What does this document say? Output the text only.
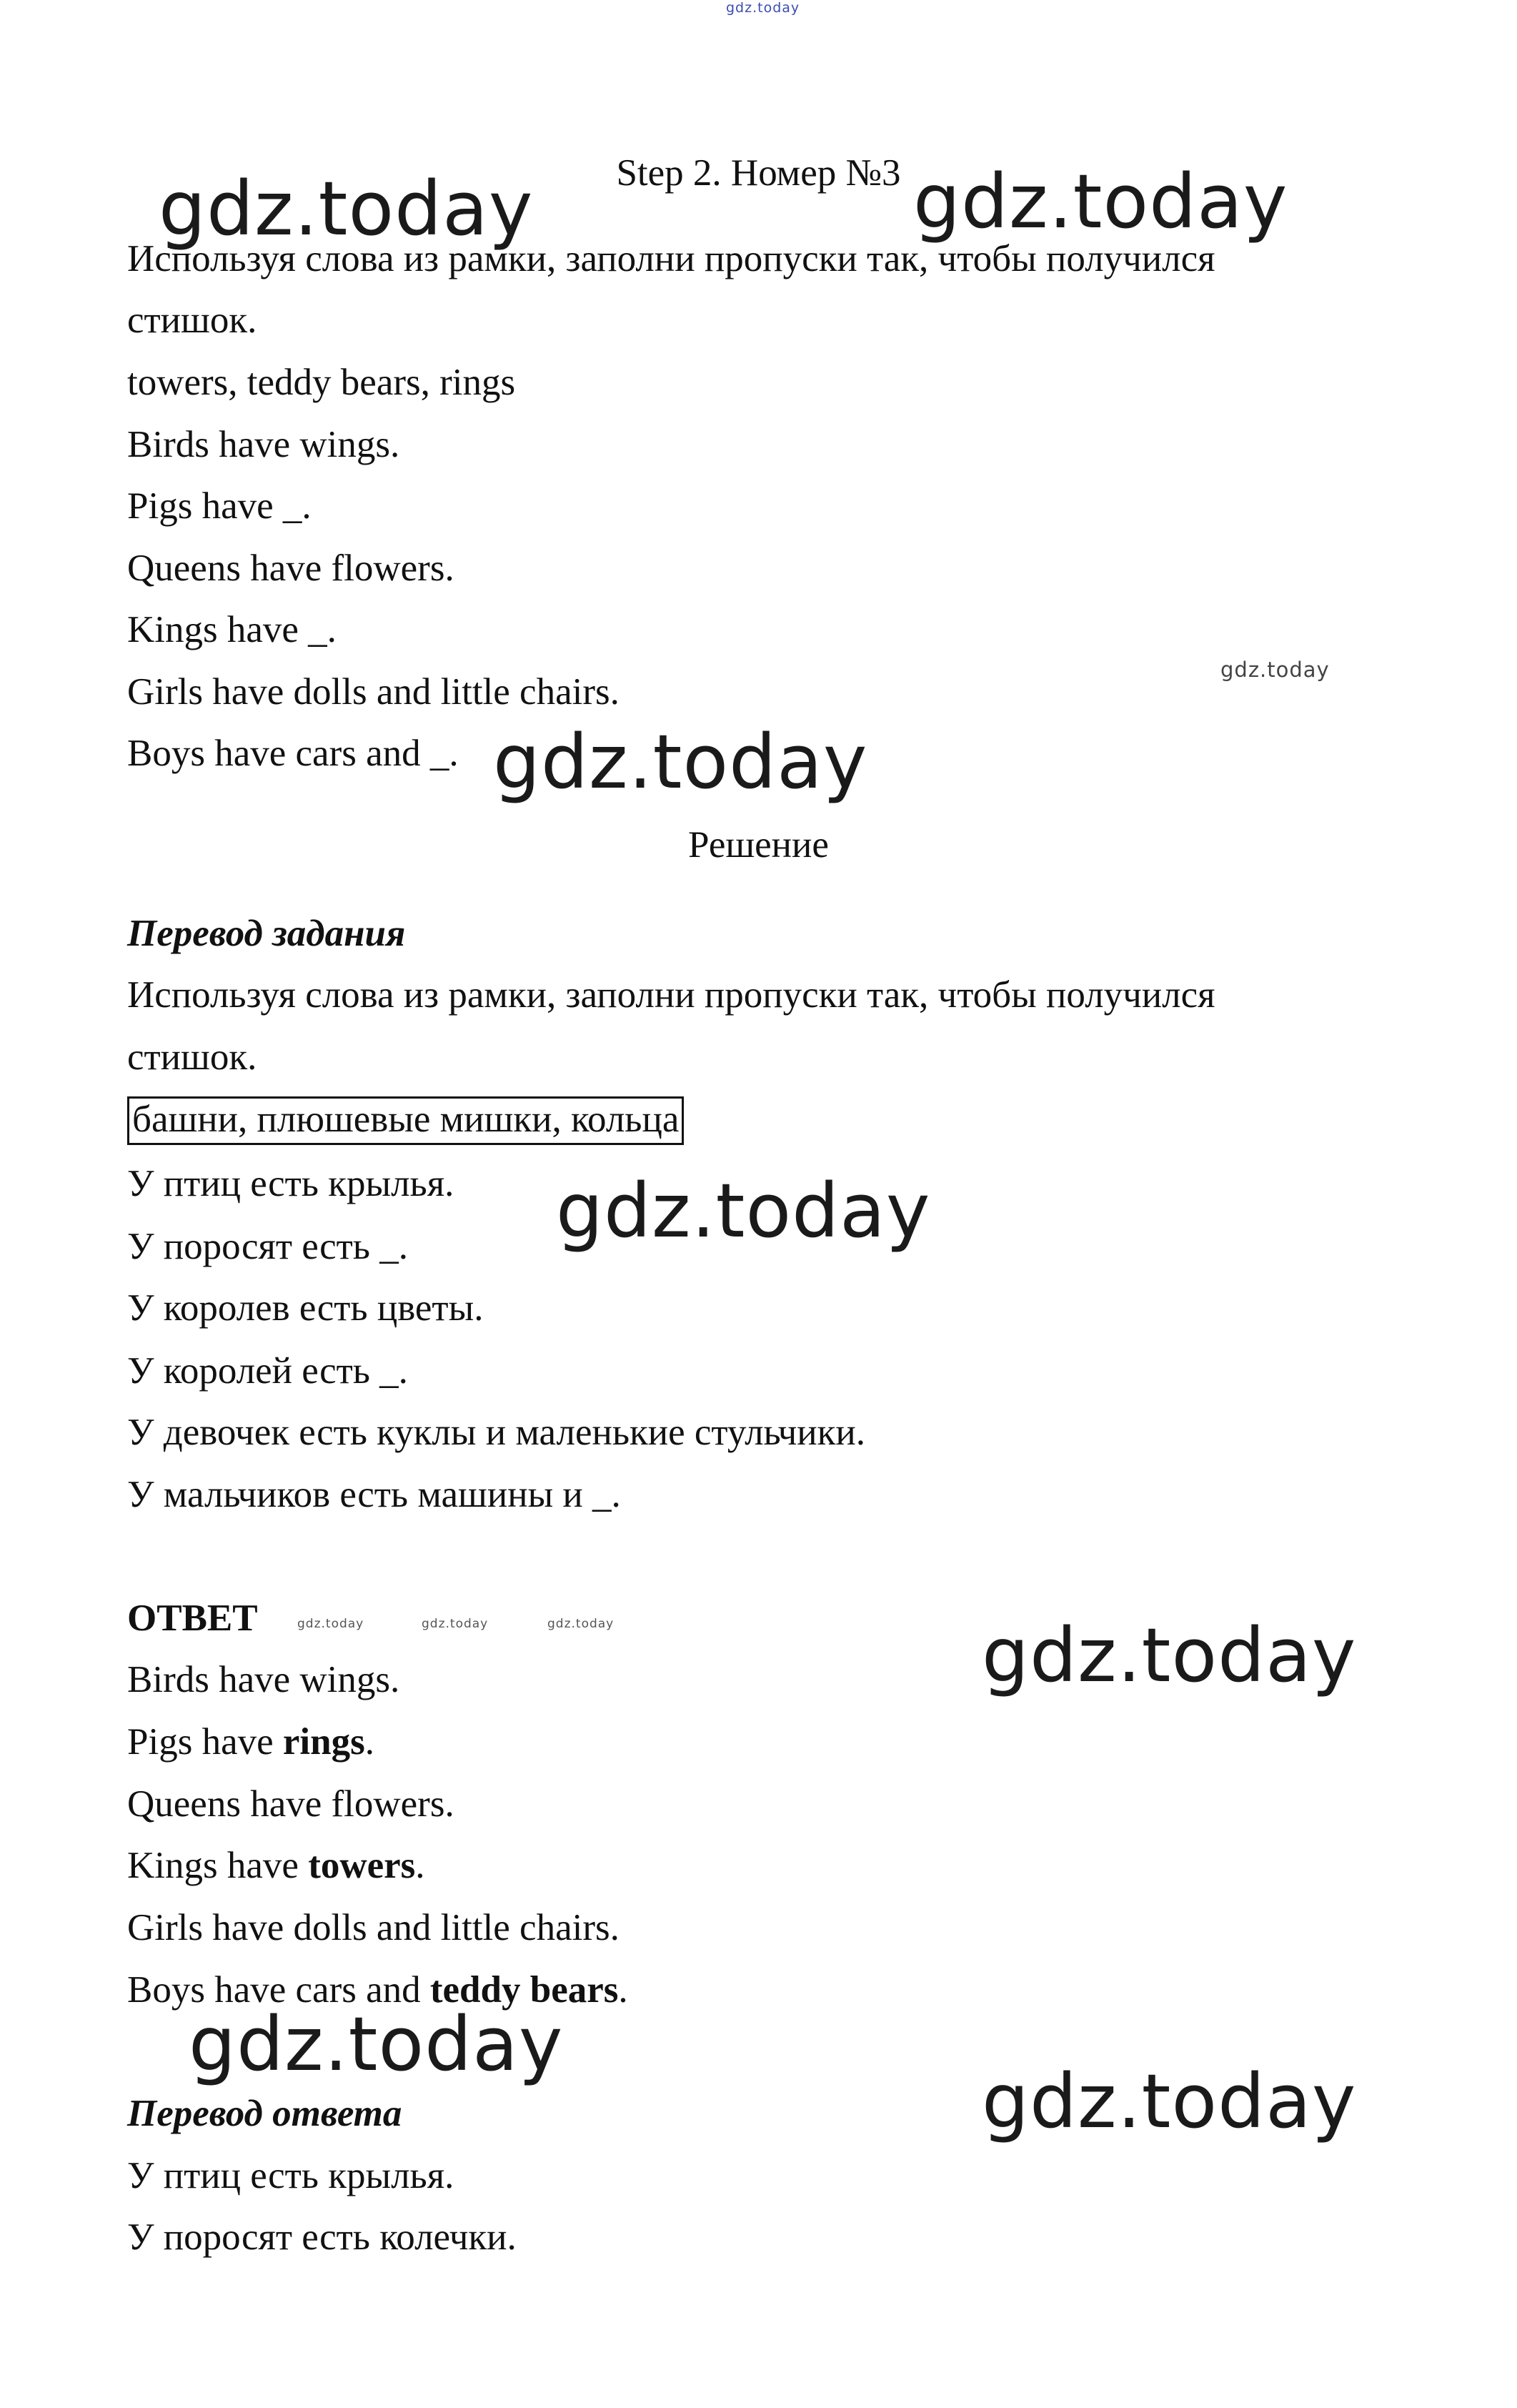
gdz.today
gdz.today	gdz.today
gdz.today
gdz.today
gdz.today
gdz.today	gdz.today	gdz.today	gdz.today
gdz.today
gdz.today
Step 2. Номер №3
Используя слова из рамки, заполни пропуски так, чтобы получился
стишок.
towers, teddy bears, rings
Birds have wings.
Pigs have _.
Queens have flowers.
Kings have _.
Girls have dolls and little chairs.
Boys have cars and _.
Решение
Перевод задания
Используя слова из рамки, заполни пропуски так, чтобы получился
стишок.
башни, плюшевые мишки, кольца
У птиц есть крылья.
У поросят есть _.
У королев есть цветы.
У королей есть _.
У девочек есть куклы и маленькие стульчики.
У мальчиков есть машины и _.
ОТВЕТ
Birds have wings.
Pigs have rings.
Queens have flowers.
Kings have towers.
Girls have dolls and little chairs.
Boys have cars and teddy bears.
Перевод ответа
У птиц есть крылья.
У поросят есть колечки.
